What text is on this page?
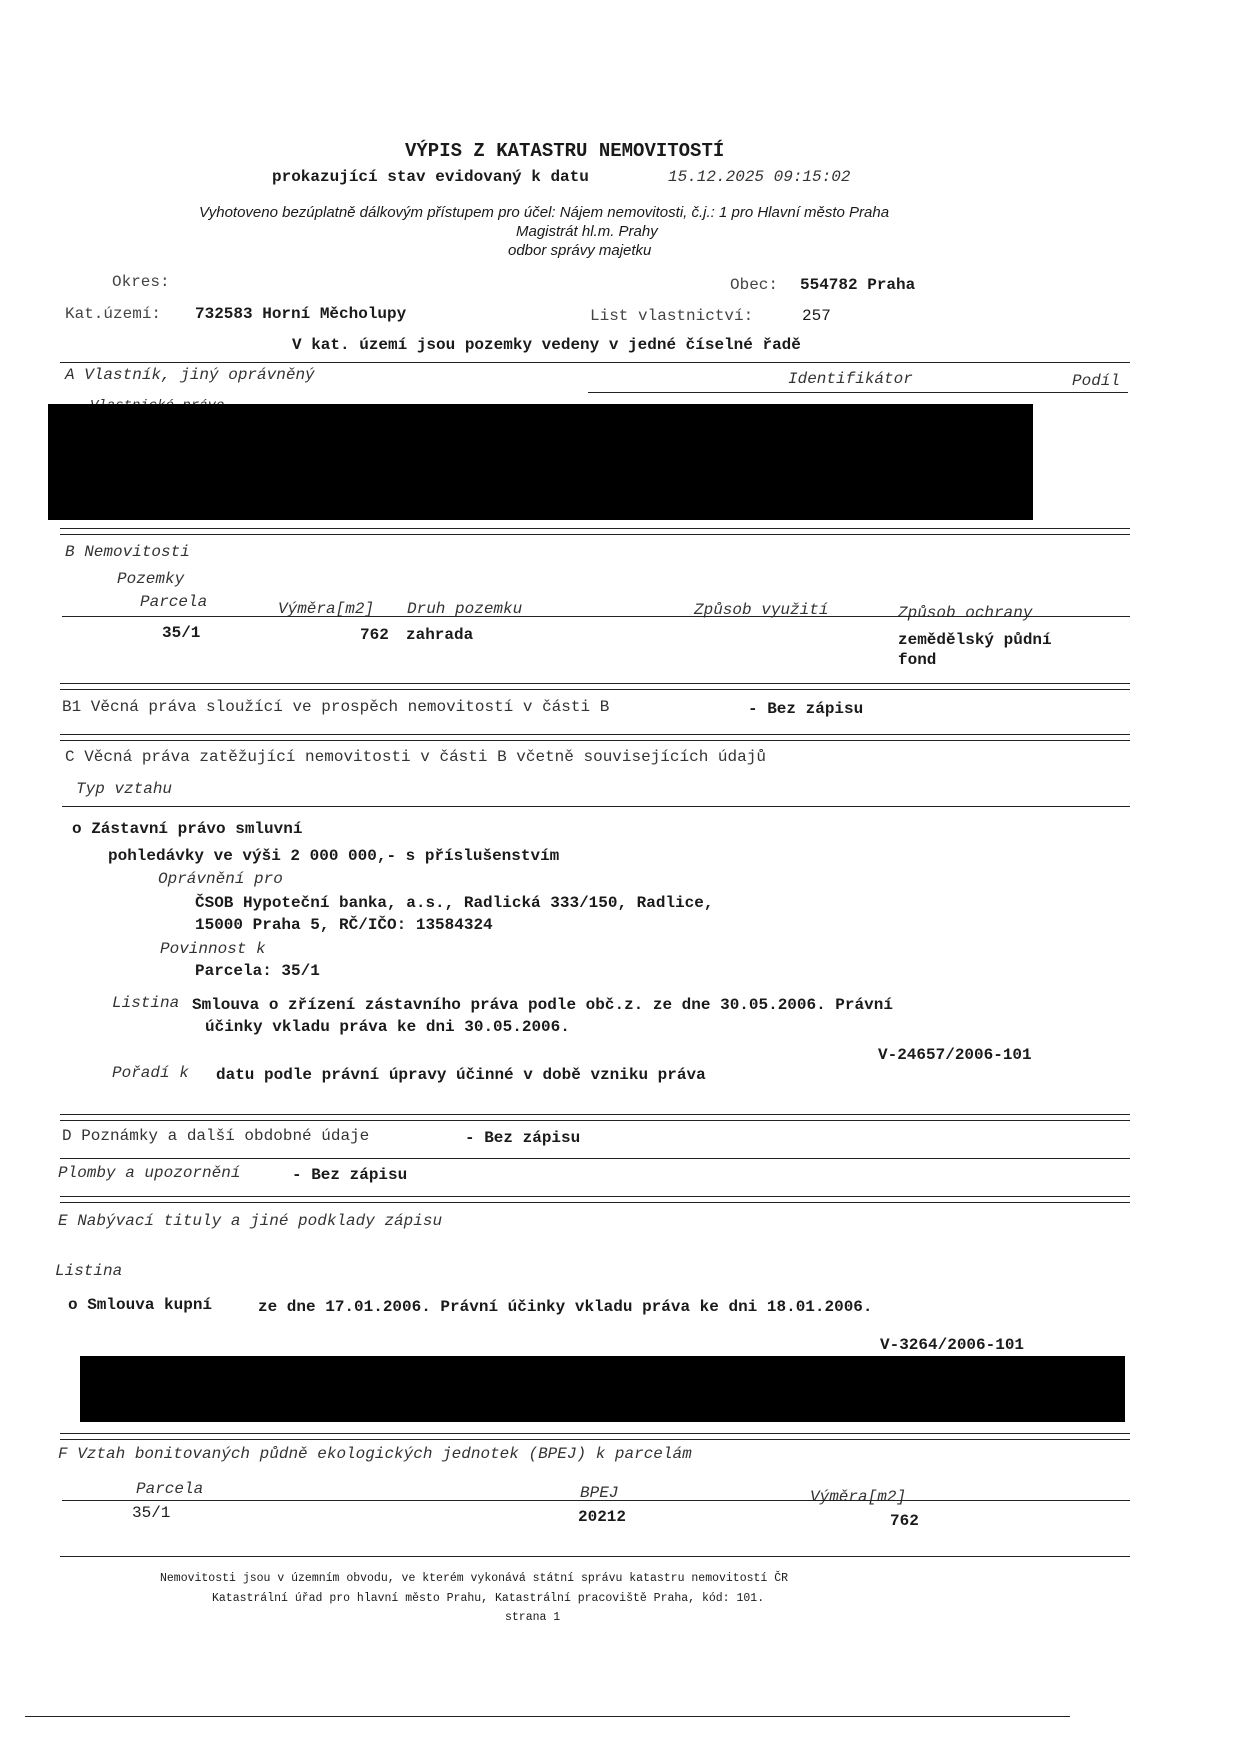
VÝPIS Z KATASTRU NEMOVITOSTÍ
prokazující stav evidovaný k datu	15.12.2025 09:15:02
Vyhotoveno bezúplatně dálkovým přístupem pro účel: Nájem nemovitosti, č.j.: 1 pro Hlavní město Praha
Magistrát hl.m. Prahy
odbor správy majetku
Okres:	Obec: 554782 Praha
Kat.území: 732583 Horní Měcholupy	List vlastnictví:	257
V kat. území jsou pozemky vedeny v jedné číselné řadě
A Vlastník, jiný oprávněný	Identifikátor	Podíl
B Nemovitosti
Pozemky
Parcela	Výměra[m2] Druh pozemku	Způsob využití	Způsob ochrany
35/1	762 zahrada	zemědělský půdní
fond
B1 Věcná práva sloužící ve prospěch nemovitostí v části B	- Bez zápisu
C Věcná práva zatěžující nemovitosti v části B včetně souvisejících údajů
Typ vztahu
o Zástavní právo smluvní
pohledávky ve výši 2 000 000,- s příslušenstvím
Oprávnění pro
ČSOB Hypoteční banka, a.s., Radlická 333/150, Radlice,
15000 Praha 5, RČ/IČO: 13584324
Povinnost k
Parcela: 35/1
Listina Smlouva o zřízení zástavního práva podle obč.z. ze dne 30.05.2006. Právní
účinky vkladu práva ke dni 30.05.2006.
V-24657/2006-101
Pořadí k datu podle právní úpravy účinné v době vzniku práva
D Poznámky a další obdobné údaje	- Bez zápisu
Plomby a upozornění	- Bez zápisu
E Nabývací tituly a jiné podklady zápisu
Listina
o Smlouva kupní	ze dne 17.01.2006. Právní účinky vkladu práva ke dni 18.01.2006.
V-3264/2006-101
F Vztah bonitovaných půdně ekologických jednotek (BPEJ) k parcelám
Parcela	BPEJ	Výměra[m2]
35/1	20212	762
Nemovitosti jsou v územním obvodu, ve kterém vykonává státní správu katastru nemovitostí ČR
Katastrální úřad pro hlavní město Prahu, Katastrální pracoviště Praha, kód: 101.
strana 1
